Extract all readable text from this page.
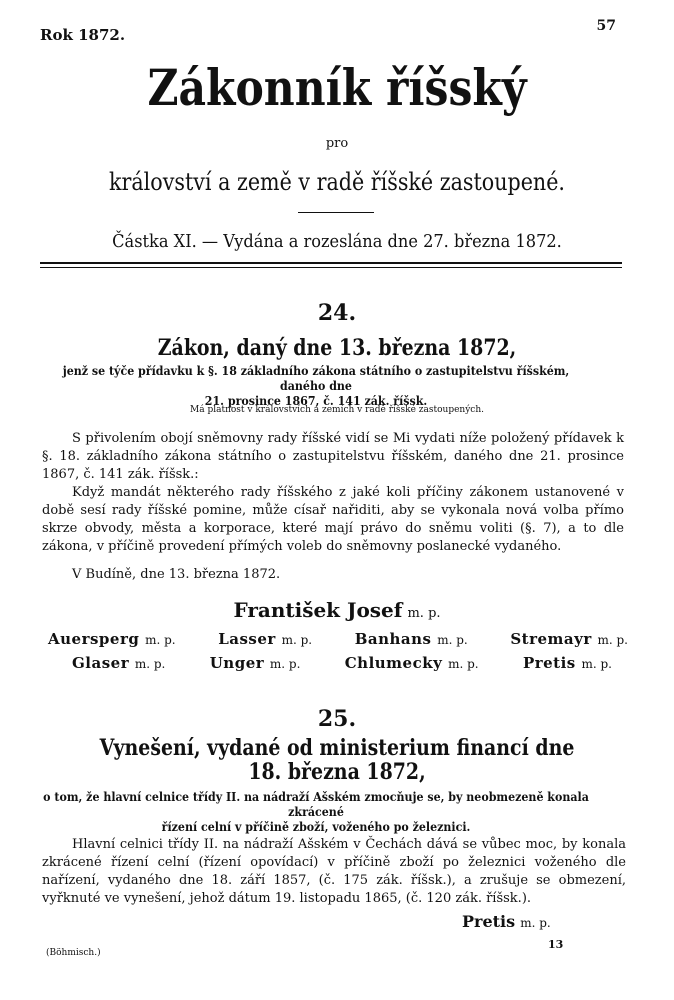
Rok 1872.	57
Zákonník říšský
pro
království a země v radě říšské zastoupené.
Částka XI. — Vydána a rozeslána dne 27. března 1872.
24.
Zákon, daný dne 13. března 1872,
jenž se týče přídavku k §. 18 základního zákona státního o zastupitelstvu říšském, daného dne
21. prosince 1867, č. 141 zák. říšsk.
Má platnost v královstvích a zemích v radě říšské zastoupených.
S přivolením obojí sněmovny rady říšské vidí se Mi vydati níže položený přídavek k §. 18. základního zákona státního o zastupitelstvu říšském, daného dne 21. prosince 1867, č. 141 zák. říšsk.:
Když mandát některého rady říšského z jaké koli příčiny zákonem ustanovené v době sesí rady říšské pomine, může císař nařiditi, aby se vykonala nová volba přímo skrze obvody, města a korporace, které mají právo do sněmu voliti (§. 7), a to dle zákona, v příčině provedení přímých voleb do sněmovny poslanecké vydaného.
V Budíně, dne 13. března 1872.
František Josef m. p.
Auersperg m. p.	Lasser m. p.	Banhans m. p.	Stremayr m. p.
Glaser m. p.	Unger m. p.	Chlumecky m. p.	Pretis m. p.
25.
Vynešení, vydané od ministerium financí dne
18. března 1872,
o tom, že hlavní celnice třídy II. na nádraží Ašském zmocňuje se, by neobmezeně konala zkrácené
řízení celní v příčině zboží, voženého po železnici.
Hlavní celnici třídy II. na nádraží Ašském v Čechách dává se vůbec moc, by konala zkrácené řízení celní (řízení opovídací) v příčině zboží po železnici voženého dle nařízení, vydaného dne 18. září 1857, (č. 175 zák. říšsk.), a zrušuje se obmezení, vyřknuté ve vynešení, jehož dátum 19. listopadu 1865, (č. 120 zák. říšsk.).
Pretis m. p.
(Böhmisch.)
13
